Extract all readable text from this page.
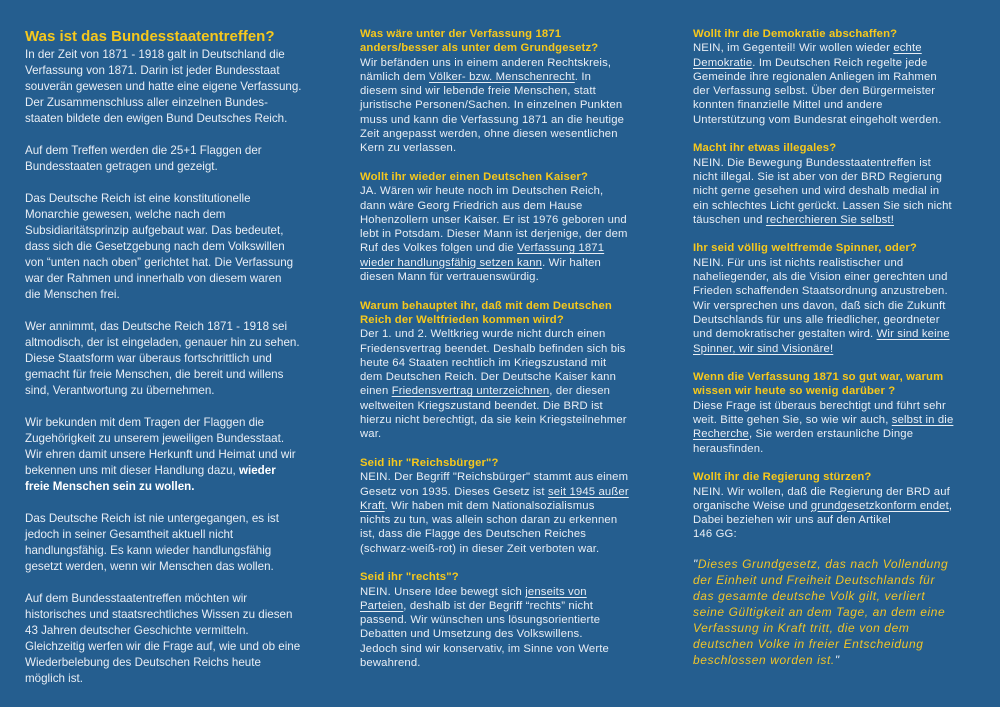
Was ist das Bundesstaatentreffen?
In der Zeit von 1871 - 1918 galt in Deutschland die
Verfassung von 1871. Darin ist jeder Bundesstaat
souverän gewesen und hatte eine eigene Verfassung.
Der Zusammenschluss aller einzelnen Bundes-
staaten bildete den ewigen Bund Deutsches Reich.
Auf dem Treffen werden die 25+1 Flaggen der
Bundesstaaten getragen und gezeigt.
Das Deutsche Reich ist eine konstitutionelle
Monarchie gewesen, welche nach dem
Subsidiaritätsprinzip aufgebaut war. Das bedeutet,
dass sich die Gesetzgebung nach dem Volkswillen
von “unten nach oben” gerichtet hat. Die Verfassung
war der Rahmen und innerhalb von diesem waren
die Menschen frei.
Wer annimmt, das Deutsche Reich 1871 - 1918 sei
altmodisch, der ist eingeladen, genauer hin zu sehen.
Diese Staatsform war überaus fortschrittlich und
gemacht für freie Menschen, die bereit und willens
sind, Verantwortung zu übernehmen.
Wir bekunden mit dem Tragen der Flaggen die
Zugehörigkeit zu unserem jeweiligen Bundesstaat.
Wir ehren damit unsere Herkunft und Heimat und wir
bekennen uns mit dieser Handlung dazu, wieder
freie Menschen sein zu wollen.
Das Deutsche Reich ist nie untergegangen, es ist
jedoch in seiner Gesamtheit aktuell nicht
handlungsfähig. Es kann wieder handlungsfähig
gesetzt werden, wenn wir Menschen das wollen.
Auf dem Bundesstaatentreffen möchten wir
historisches und staatsrechtliches Wissen zu diesen
43 Jahren deutscher Geschichte vermitteln.
Gleichzeitig werfen wir die Frage auf, wie und ob eine
Wiederbelebung des Deutschen Reichs heute
möglich ist.
Was wäre unter der Verfassung 1871
anders/besser als unter dem Grundgesetz?
Wir befänden uns in einem anderen Rechtskreis,
nämlich dem Völker- bzw. Menschenrecht. In
diesem sind wir lebende freie Menschen, statt
juristische Personen/Sachen. In einzelnen Punkten
muss und kann die Verfassung 1871 an die heutige
Zeit angepasst werden, ohne diesen wesentlichen
Kern zu verlassen.
Wollt ihr wieder einen Deutschen Kaiser?
JA. Wären wir heute noch im Deutschen Reich,
dann wäre Georg Friedrich aus dem Hause
Hohenzollern unser Kaiser. Er ist 1976 geboren und
lebt in Potsdam. Dieser Mann ist derjenige, der dem
Ruf des Volkes folgen und die Verfassung 1871
wieder handlungsfähig setzen kann. Wir halten
diesen Mann für vertrauenswürdig.
Warum behauptet ihr, daß mit dem Deutschen
Reich der Weltfrieden kommen wird?
Der 1. und 2. Weltkrieg wurde nicht durch einen
Friedensvertrag beendet. Deshalb befinden sich bis
heute 64 Staaten rechtlich im Kriegszustand mit
dem Deutschen Reich. Der Deutsche Kaiser kann
einen Friedensvertrag unterzeichnen, der diesen
weltweiten Kriegszustand beendet. Die BRD ist
hierzu nicht berechtigt, da sie kein Kriegsteilnehmer
war.
Seid ihr "Reichsbürger"?
NEIN. Der Begriff "Reichsbürger" stammt aus einem
Gesetz von 1935. Dieses Gesetz ist seit 1945 außer
Kraft. Wir haben mit dem Nationalsozialismus
nichts zu tun, was allein schon daran zu erkennen
ist, dass die Flagge des Deutschen Reiches
(schwarz-weiß-rot) in dieser Zeit verboten war.
Seid ihr "rechts"?
NEIN. Unsere Idee bewegt sich jenseits von
Parteien, deshalb ist der Begriff “rechts” nicht
passend. Wir wünschen uns lösungsorientierte
Debatten und Umsetzung des Volkswillens.
Jedoch sind wir konservativ, im Sinne von Werte
bewahrend.
Wollt ihr die Demokratie abschaffen?
NEIN, im Gegenteil! Wir wollen wieder echte
Demokratie. Im Deutschen Reich regelte jede
Gemeinde ihre regionalen Anliegen im Rahmen
der Verfassung selbst. Über den Bürgermeister
konnten finanzielle Mittel und andere
Unterstützung vom Bundesrat eingeholt werden.
Macht ihr etwas illegales?
NEIN. Die Bewegung Bundesstaatentreffen ist
nicht illegal. Sie ist aber von der BRD Regierung
nicht gerne gesehen und wird deshalb medial in
ein schlechtes Licht gerückt. Lassen Sie sich nicht
täuschen und recherchieren Sie selbst!
Ihr seid völlig weltfremde Spinner, oder?
NEIN. Für uns ist nichts realistischer und
naheliegender, als die Vision einer gerechten und
Frieden schaffenden Staatsordnung anzustreben.
Wir versprechen uns davon, daß sich die Zukunft
Deutschlands für uns alle friedlicher, geordneter
und demokratischer gestalten wird. Wir sind keine
Spinner, wir sind Visionäre!
Wenn die Verfassung 1871 so gut war, warum
wissen wir heute so wenig darüber ?
Diese Frage ist überaus berechtigt und führt sehr
weit. Bitte gehen Sie, so wie wir auch, selbst in die
Recherche, Sie werden erstaunliche Dinge
herausfinden.
Wollt ihr die Regierung stürzen?
NEIN. Wir wollen, daß die Regierung der BRD auf
organische Weise und grundgesetzkonform endet,
Dabei beziehen wir uns auf den Artikel
146 GG:
"Dieses Grundgesetz, das nach Vollendung
der Einheit und Freiheit Deutschlands für
das gesamte deutsche Volk gilt, verliert
seine Gültigkeit an dem Tage, an dem eine
Verfassung in Kraft tritt, die von dem
deutschen Volke in freier Entscheidung
beschlossen worden ist."
